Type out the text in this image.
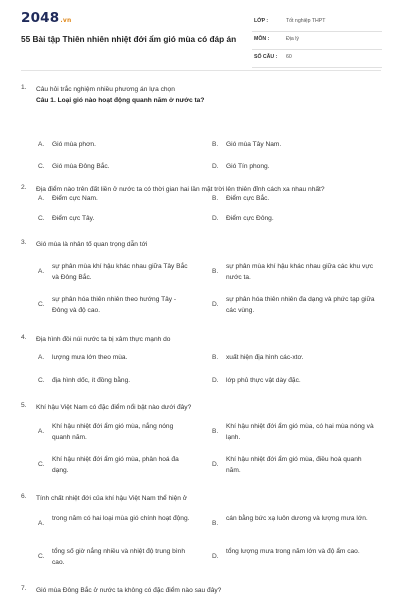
2048.vn
55 Bài tập Thiên nhiên nhiệt đới ẩm gió mùa có đáp án
LỚP :	Tốt nghiệp THPT
MÔN :	Địa lý
SỐ CÂU : 60
1. Câu hỏi trắc nghiệm nhiều phương án lựa chọn
Câu 1. Loại gió nào hoạt động quanh năm ở nước ta?
A. Gió mùa phơn.	B. Gió mùa Tây Nam.
C. Gió mùa Đông Bắc.	D. Gió Tín phong.
2. Địa điểm nào trên đất liền ở nước ta có thời gian hai lần mặt trời lên thiên đỉnh cách xa nhau nhất?
A. Điểm cực Nam.	B. Điểm cực Bắc.
C. Điểm cực Tây.	D. Điểm cực Đông.
3. Gió mùa là nhân tố quan trọng dẫn tới
A.
sự phân mùa khí hậu khác nhau giữa Tây Bắc và Đông Bắc.
B.
sự phân mùa khí hậu khác nhau giữa các khu vực nước ta.
C.
sự phân hóa thiên nhiên theo hướng Tây - Đông và độ cao.
D.
sự phân hóa thiên nhiên đa dạng và phức tạp giữa các vùng.
4. Địa hình đồi núi nước ta bị xâm thực mạnh do
A. lượng mưa lớn theo mùa.	B. xuất hiện địa hình các-xtơ.
C. địa hình dốc, ít đồng bằng.	D. lớp phủ thực vật dày đặc.
5. Khí hậu Việt Nam có đặc điểm nổi bật nào dưới đây?
A.
Khí hậu nhiệt đới ẩm gió mùa, nắng nóng quanh năm.
B.
Khí hậu nhiệt đới ẩm gió mùa, có hai mùa nóng và lạnh.
C.
Khí hậu nhiệt đới ẩm gió mùa, phân hoá đa dạng.
D.
Khí hậu nhiệt đới ẩm gió mùa, điều hoà quanh năm.
6. Tính chất nhiệt đới của khí hậu Việt Nam thể hiện ở
A.
trong năm có hai loại mùa gió chính hoạt động.
B.
cán bằng bức xạ luôn dương và lượng mưa lớn.
C.
tổng số giờ nắng nhiều và nhiệt độ trung bình cao.
D.
tổng lượng mưa trong năm lớn và độ ẩm cao.
7. Gió mùa Đông Bắc ở nước ta không có đặc điểm nào sau đây?
